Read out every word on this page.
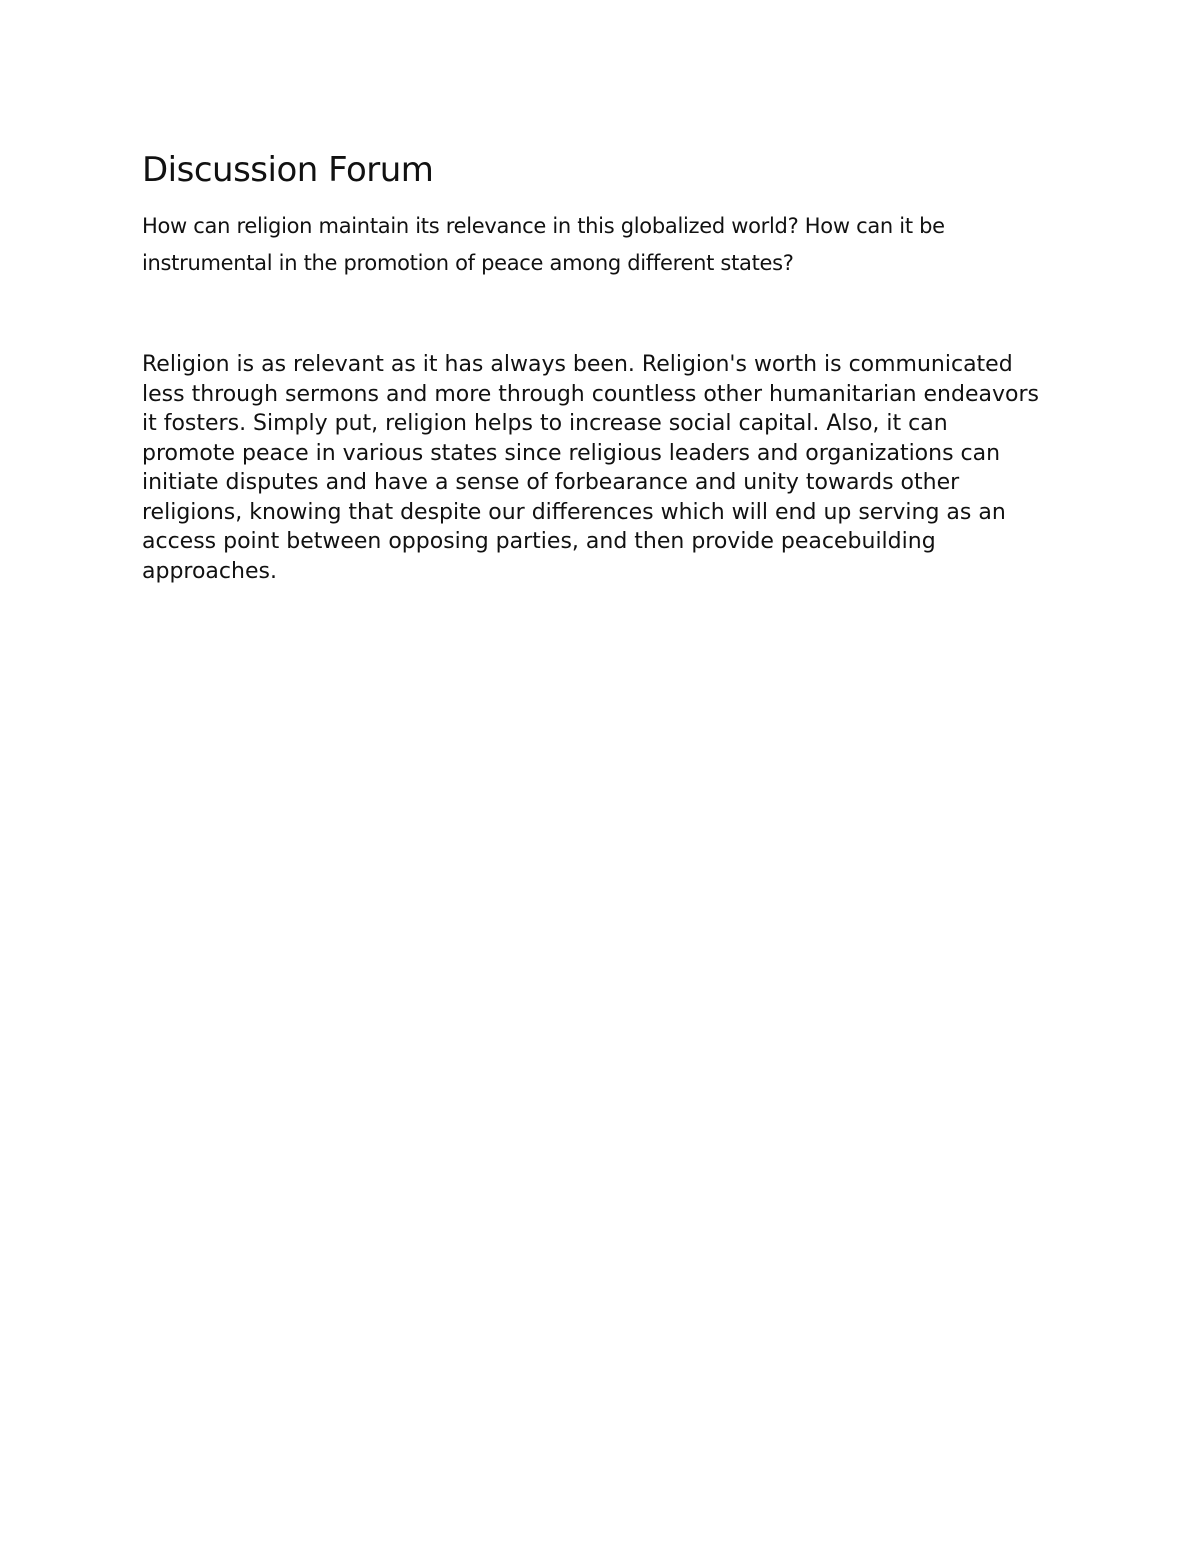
Discussion Forum

How can religion maintain its relevance in this globalized world? How can it be instrumental in the promotion of peace among different states?

Religion is as relevant as it has always been. Religion's worth is communicated less through sermons and more through countless other humanitarian endeavors it fosters. Simply put, religion helps to increase social capital. Also, it can promote peace in various states since religious leaders and organizations can initiate disputes and have a sense of forbearance and unity towards other religions, knowing that despite our differences which will end up serving as an access point between opposing parties, and then provide peacebuilding approaches.
